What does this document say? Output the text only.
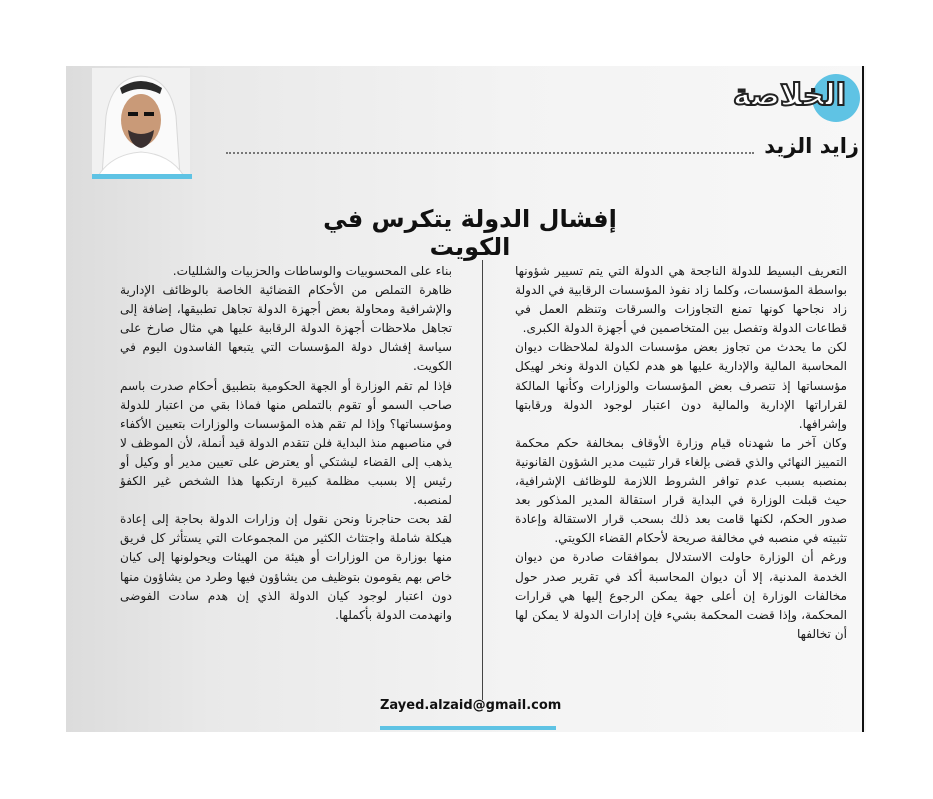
الخلاصة
زايد الزيد
إفشال الدولة يتكرس في الكويت

التعريف البسيط للدولة الناجحة هي الدولة التي يتم تسيير شؤونها بواسطة المؤسسات، وكلما زاد نفوذ المؤسسات الرقابية في الدولة زاد نجاحها كونها تمنع التجاوزات والسرقات وتنظم العمل في قطاعات الدولة وتفصل بين المتخاصمين في أجهزة الدولة الكبرى.

لكن ما يحدث من تجاوز بعض مؤسسات الدولة لملاحظات ديوان المحاسبة المالية والإدارية عليها هو هدم لكيان الدولة ونخر لهيكل مؤسساتها إذ تتصرف بعض المؤسسات والوزارات وكأنها المالكة لقراراتها الإدارية والمالية دون اعتبار لوجود الدولة ورقابتها وإشرافها.

وكان آخر ما شهدناه قيام وزارة الأوقاف بمخالفة حكم محكمة التمييز النهائي والذي قضى بإلغاء قرار تثبيت مدير الشؤون القانونية بمنصبه بسبب عدم توافر الشروط اللازمة للوظائف الإشرافية، حيث قبلت الوزارة في البداية قرار استقالة المدير المذكور بعد صدور الحكم، لكنها قامت بعد ذلك بسحب قرار الاستقالة وإعادة تثبيته في منصبه في مخالفة صريحة لأحكام القضاء الكويتي.

ورغم أن الوزارة حاولت الاستدلال بموافقات صادرة من ديوان الخدمة المدنية، إلا أن ديوان المحاسبة أكد في تقرير صدر حول مخالفات الوزارة إن أعلى جهة يمكن الرجوع إليها هي قرارات المحكمة، وإذا قضت المحكمة بشيء فإن إدارات الدولة لا يمكن لها أن تخالفها

بناء على المحسوبيات والوساطات والحزبيات والشلليات.

ظاهرة التملص من الأحكام القضائية الخاصة بالوظائف الإدارية والإشرافية ومحاولة بعض أجهزة الدولة تجاهل تطبيقها، إضافة إلى تجاهل ملاحظات أجهزة الدولة الرقابية عليها هي مثال صارخ على سياسة إفشال دولة المؤسسات التي يتبعها الفاسدون اليوم في الكويت.

فإذا لم تقم الوزارة أو الجهة الحكومية بتطبيق أحكام صدرت باسم صاحب السمو أو تقوم بالتملص منها فماذا بقي من اعتبار للدولة ومؤسساتها؟ وإذا لم تقم هذه المؤسسات والوزارات بتعيين الأكفاء في مناصبهم منذ البداية فلن تتقدم الدولة قيد أنملة، لأن الموظف لا يذهب إلى القضاء ليشتكي أو يعترض على تعيين مدير أو وكيل أو رئيس إلا بسبب مظلمة كبيرة ارتكبها هذا الشخص غير الكفؤ لمنصبه.

لقد بحت حناجرنا ونحن نقول إن وزارات الدولة بحاجة إلى إعادة هيكلة شاملة واجتثاث الكثير من المجموعات التي يستأثر كل فريق منها بوزارة من الوزارات أو هيئة من الهيئات ويحولونها إلى كيان خاص بهم يقومون بتوظيف من يشاؤون فيها وطرد من يشاؤون منها دون اعتبار لوجود كيان الدولة الذي إن هدم سادت الفوضى وانهدمت الدولة بأكملها.

Zayed.alzaid@gmail.com
